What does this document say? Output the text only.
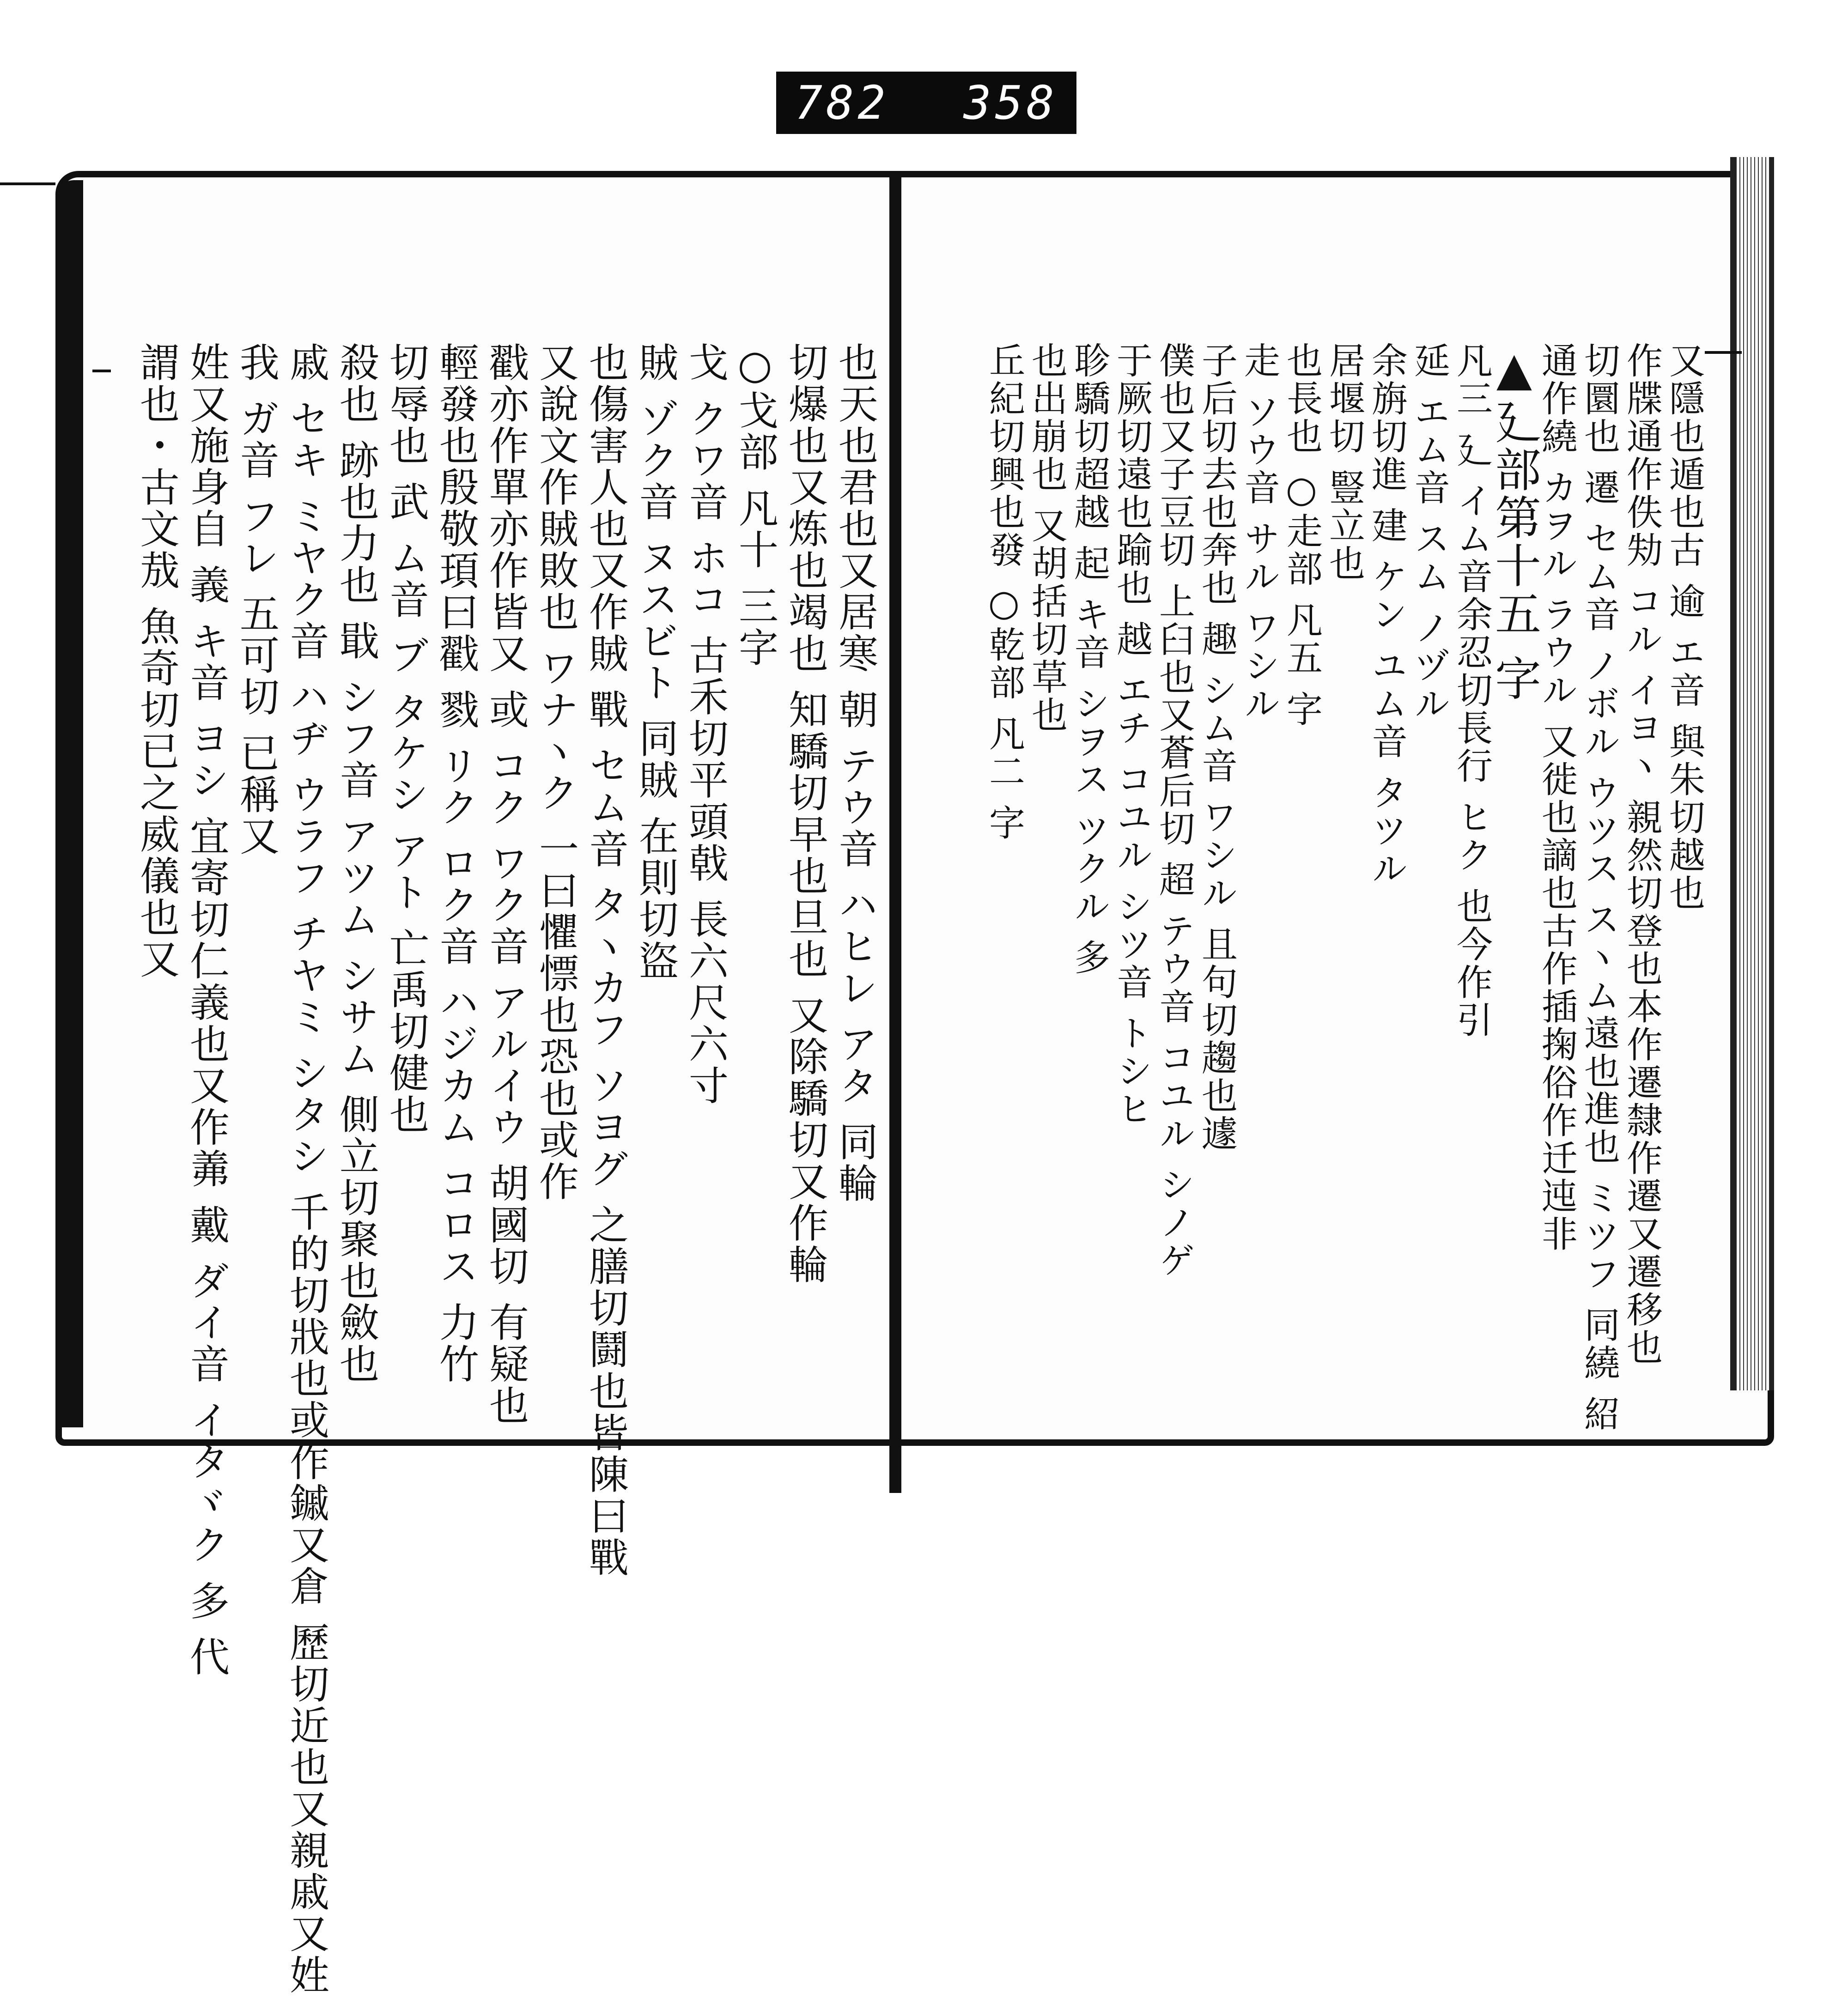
782 358
又隱也遁也古 逾 エ音 與朱切越也
作牒通作佚劮 コル イヨヽ 親然切登也本作遷隸作遷又遷移也
切圜也 遷 セム音 ノボル ウツス スヽム遠也進也 ミツフ 同繞 紹
通作繞 カヲル ラウル 又徙也謫也古作插掬俗作迁迍非
▲廴部第十五 字
凡三 廴 イム音余忍切長行 ヒク 也今作引
延 エム音 スム ノヅル
余旃切進 建 ケン ユム音 タツル
居堰切 豎立也
也長也 ○走部 凡五 字
走 ソウ音 サル ワシル
子后切去也奔也 趣 シム音 ワシル 且句切趨也遽
僕也又子豆切 上臼也又蒼后切 超 テウ音 コユル シノゲ
于厥切遠也踰也 越 エチ コユル シツ音 トシヒ
聄驕切超越 起 キ音 シヲス ツクル 多
也出崩也 又胡括切草也
丘紀切興也發 ○乾部 凡二 字
也天也君也又居寒 朝 テウ音 ハヒレ アタ 同輪
切爆也又炼也竭也 知驕切早也旦也 又除驕切又作輪
○戈部 凡十 三字
戈 クワ音 ホコ 古禾切平頭戟 長六尺六寸
賊 ゾク音 ヌスビト 同賊 在則切盜
也傷害人也又作賊 戰 セム音 タヽカフ ソヨグ 之膳切鬪也皆陳曰戰
又說文作賊敗也 ワナヽク 一曰懼慓也恐也或作
戳亦作單亦作皆又 或 コク ワク音 アルイウ 胡國切 有疑也
輕發也殷敬頊曰戳 戮 リク ロク音 ハジカム コロス 力竹
切辱也 武 ム音 ブ タケシ アト 亡禹切健也
殺也 跡也力也 戢 シフ音 アツム シサム 側立切聚也斂也
戚 セキ ミヤク音 ハヂ ウラフ チヤミ シタシ 千的切戕也或作鏚又倉 歷切近也又親戚又姓
我 ガ音 フレ 五可切 已稱又
姓又施身自 義 キ音 ヨシ 宜寄切仁義也又作羛 戴 ダイ音 イタヾク 多 代
謂也・古文㦲 魚奇切已之威儀也又
